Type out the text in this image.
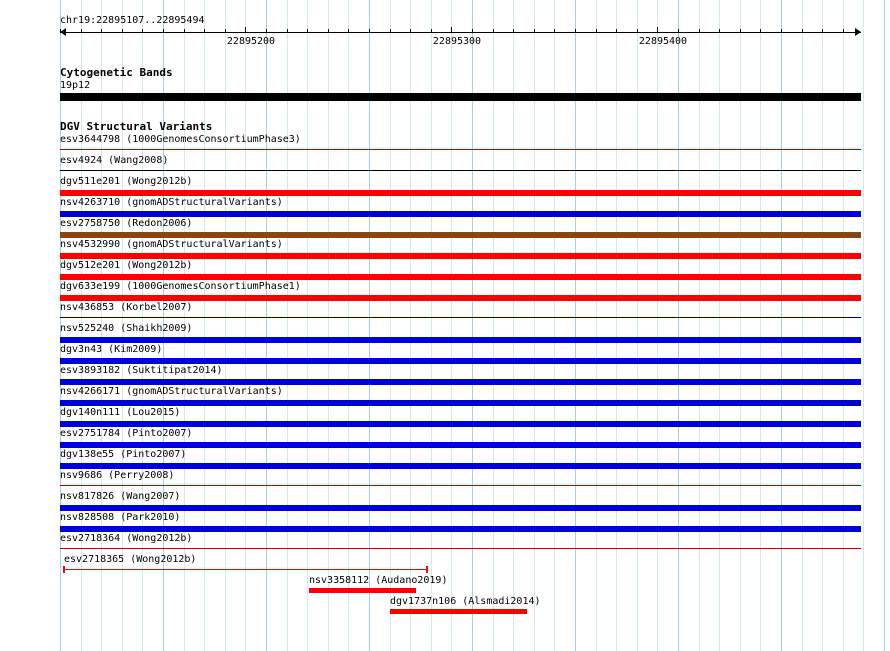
chr19:22895107..22895494
22895200	22895300	22895400
Cytogenetic Bands
19p12
DGV Structural Variants
esv3644798 (1000GenomesConsortiumPhase3)
esv4924 (Wang2008)
dgv511e201 (Wong2012b)
nsv4263710 (gnomADStructuralVariants)
esv2758750 (Redon2006)
nsv4532990 (gnomADStructuralVariants)
dgv512e201 (Wong2012b)
dgv633e199 (1000GenomesConsortiumPhase1)
nsv436853 (Korbel2007)
nsv525240 (Shaikh2009)
dgv3n43 (Kim2009)
esv3893182 (Suktitipat2014)
nsv4266171 (gnomADStructuralVariants)
dgv140n111 (Lou2015)
esv2751784 (Pinto2007)
dgv138e55 (Pinto2007)
nsv9686 (Perry2008)
nsv817826 (Wang2007)
nsv828508 (Park2010)
esv2718364 (Wong2012b)
esv2718365 (Wong2012b)
nsv3358112 (Audano2019)
dgv1737n106 (Alsmadi2014)
